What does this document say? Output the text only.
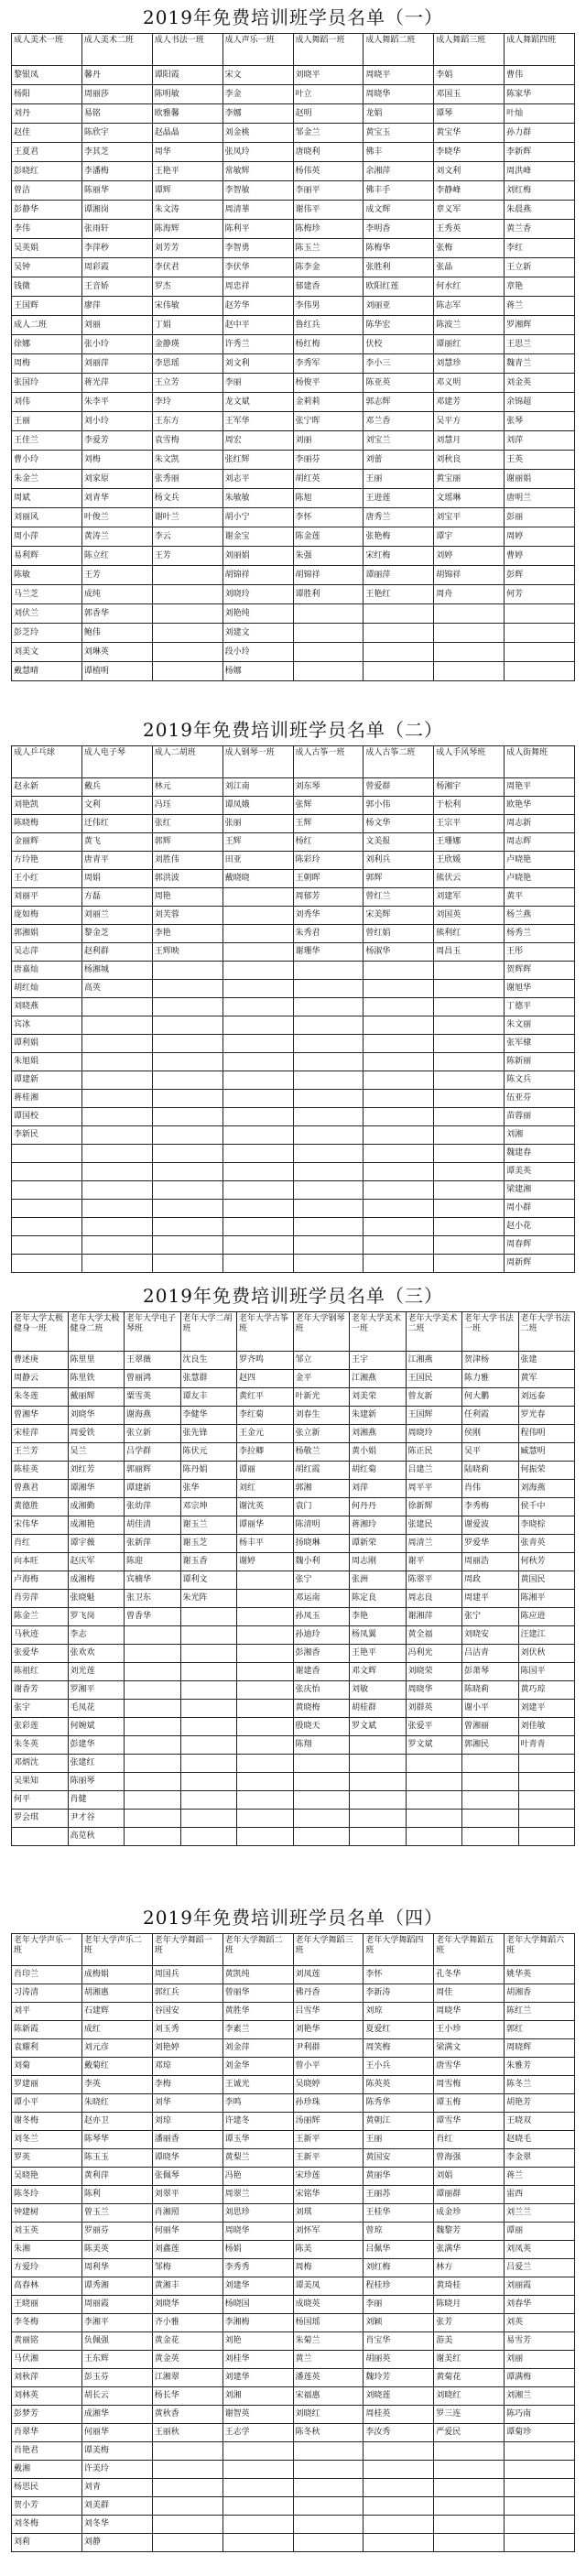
2019年免费培训班学员名单（一）
成人美术一班	成人美术二班	成人书法一班	成人声乐一班	成人舞蹈一班	成人舞蹈二班	成人舞蹈三班	成人舞蹈四班
黎银凤	馨丹	谭阳霞	宋文	刘晓平	周晓平	李娟	曹伟
杨阳	周丽莎	陈明敏	李金	叶立	周晓华	邓国玉	陈家华
刘丹	易铭	欧雅馨	李娜	赵明	龙娟	谭琴	叶灿
赵佳	陈欣宇	赵晶晶	刘金桃	邹金兰	黄宝玉	黄宝华	孙力群
王夏君	李其芝	周华	张凤玲	唐晓利	佛丰	李晓华	李新辉
彭晓红	李潘梅	王艳平	常敏辉	杨伟英	余湘萍	刘文利	周洪峰
曾洁	陈丽华	谭辉	李智敏	李丽平	佛丰手	李静峰	刘红梅
彭静华	谭湘岗	朱文涛	周清華	谢伟平	成文辉	章义军	朱晨燕
李伟	张雨轩	陈海辉	陈利平	陈梅珍	李明香	王秀英	黄兰香
吴英娟	李萍秒	刘芳芳	李智勇	陈玉兰	陈梅华	张梅	李红
吴钟	周彩霞	李伏君	李伏华	陈李金	张胜利	张晶	王立新
钱微	王音娇	罗杰	周忠祥	郁建香	欧阳红莲	何水红	章艳
王国辉	廖萍	宋伟敏	赵芳华	李伟男	刘丽亚	陈志军	蒋兰
成人二班	刘丽	丁娟	赵中平	鲁红兵	陈华宏	陈波兰	罗湘辉
徐娜	张小玲	金静瑛	许秀兰	杨红梅	伏校	谭丽红	王思兰
周梅	刘丽萍	李思瑶	刘文利	李秀军	李小三	刘慧珍	魏青兰
张国玲	蒋光萍	王立芳	李丽	杨俊平	陈亚英	邓义明	刘金英
刘伟	朱李平	李玲	龙文斌	金莉莉	郭志辉	邓建芳	余锦超
王丽	刘小玲	王东方	王军华	张宁晖	邓兰香	吴平方	张琴
王佳兰	李爱芳	袁雪梅	周宏	刘丽	刘宝兰	刘慧月	刘萍
曹小玲	刘梅	朱文凯	张红辉	李丽芬	刘蕾	刘秋良	王英
朱金兰	刘家原	张秀丽	刘志平	胡红英	王丽	黄宝丽	谢丽娟
周斌	刘青华	杨文兵	朱敏敏	陈旭	王进莲	文瑶琳	唐明兰
刘丽风	叶俊兰	谢叶兰	胡小宁	李怀	唐秀兰	刘宝平	彭丽
周小萍	黄涛兰	李云	谢金宝	陈金莲	张艳梅	谭宇	周婷
易利辉	陈立红	王芳	刘丽娟	朱强	宋红梅	刘婷	曹婷
陈敏	王芳		胡锦祥	胡锦祥	谭丽萍	胡锦祥	彭辉
马兰芝	成纯		刘晓玲	谭胜利	王艳红	周舟	何芳
刘伏兰	郭香华		刘艳纯				
彭芝玲	鲍伟		刘建文				
刘美文	刘琳英		段小玲				
戴慧晴	谭植明		杨娜				
2019年免费培训班学员名单（二）
成人乒乓球	成人电子琴	成人二胡班	成人钢琴一班	成人古筝一班	成人古筝二班	成人手风琴班	成人街舞班
赵永新	戴兵	林元	刘江南	刘东琴	曾爱群	杨湘宇	周艳平
刘艳凯	文利	冯珏	谭凤娥	张辉	郭小伟	于松利	欧艳华
陈晓梅	迁伟红	张红	张丽	王辉	杨文华	王宗平	周志新
金丽辉	黄飞	郭辉	王辉	杨红	文美报	王珊娜	周志辉
方玲艳	唐青平	刘胜伟	田亚	陈彩玲	刘利兵	王欣媛	卢晓艳
王小红	周娟	郭洪波	戴晓晓	王朝晖	郭辉	熊伏云	卢晓艳
刘丽平	方磊	周艳		周郁芳	曾红兰	刘建军	黄平
庞如梅	刘丽兰	刘芙蓉		刘秀华	宋美辉	刘国英	杨兰燕
郭湘娟	黎金芝	李艳		朱秀君	曾红娟	熊利红	杨秀兰
吴志萍	赵利群	王辉映		谢珊华	杨淑华	周昌玉	王彤
唐嘉灿	杨湘城						贺辉辉
胡红灿	高英						谢旭华
刘晓燕							丁德平
宾冰							朱文丽
谭利娟							张军棣
朱旭娟							陈新丽
谭建新							陈文兵
蒋桂湘							伍亚芬
谭国校							苗蓉丽
李新民							刘湘
							魏建春
							谭美英
							梁建湘
							周小群
							赵小花
							周春辉
							周新辉
2019年免费培训班学员名单（三）
老年大学太极健身一班	老年大学太极健身二班	老年大学电子琴班	老年大学二胡班	老年大学古筝班	老年大学钢琴班	老年大学美术一班	老年大学美术二班	老年大学书法一班	老年大学书法二班
曹述庚	陈里里	王翠薇	沈良生	罗齐鸣	邹立	王宇	江湘燕	贺津杨	张建
周静云	陈里铁	曾丽鸿	张慧群	赵四	金平	江湘燕	王国民	陈力雅	黄军
朱冬莲	戴丽辉	粟雪英	谭友丰	黄红平	叶新光	刘美荣	曾友新	何大鹏	刘远泰
曾湘华	刘晓华	谢海燕	李健华	李红菊	刘春生	朱建新	王国辉	任利霞	罗光春
宋桂萍	周爱铁	张立新	张先锋	王金元	张立新	刘湘燕	周晓玲	侯刚	程伟明
王兰芳	吴兰	吕学群	陈伏元	李拉卿	杨敬兰	黄小娟	陈正民	吴平	臧慧明
陈桂英	刘红芳	郭丽辉	陈丹娟	谭丽	胡红霞	胡红菊	吕建兰	陆晓莉	何振荣
曾燕君	谭湘华	谭建新	张华	刘红	郭湘	刘萍	周平平	肖伟	刘海燕
黄德胜	成湘勤	张幼萍	邓宗坤	谢沈英	袁门	何丹丹	徐新辉	李秀梅	侯千中
宋伟华	成湘艳	胡佳清	谢玉兰	谭丽华	陈清明	蒋湘玲	张建民	谢爱波	李晓棕
肖红	谭宇薇	张新萍	谢玉芝	杨丰平	扬晓琳	谭新荣	周清兰	罗爱华	张青英
向本旺	赵庆军	陈迎	谢玉香	谢婷	魏小利	周志刚	谢平	周丽浩	何秋芳
卢海梅	成湘梅	宾楠华	谭利文		张宁	张洲	陈翠平	周政	黄国民
肖劳萍	张晓魁	张卫东	朱光阵		邓运南	陈定良	周志良	周建平	陈湘平
陈金兰	罗飞岗	曾香华			孙凤玉	李艳	谢湘萍	张宁	陈应进
马秋迹	李志				孙迪玲	杨凤翼	黄全福	刘晓安	汪建江
张爱华	张欢欢				彭湘香	王艳平	冯利光	吕洁青	刘伏秋
陈祖红	刘光莲				谢建香	邓文辉	刘晓荣	彭萧琴	陈国平
谢香芳	罗湘平				张庆怡	刘敏	周晓华	陈晓莉	黄巧琼
张宇	毛凤花				黄晓梅	胡桂群	刘群英	谢小平	刘建平
张彩莲	何婉斌				殷晓天	罗文斌	张爱平	曾湘丽	刘佳敏
朱冬英	彭建华				陈翔		罗文斌	郭湘民	叶青青
邓炳沈	张建红								
吴果知	陈丽琴								
何平	肖健								
罗会琪	尹才谷								
	高苋秋								
2019年免费培训班学员名单（四）
老年大学声乐一班	老年大学声乐二班	老年大学舞蹈一班	老年大学舞蹈二班	老年大学舞蹈三班	老年大学舞蹈四班	老年大学舞蹈五班	老年大学舞蹈六班
肖印兰	成梅娟	周国兵	黄凯纯	刘凤莲	李怀	孔冬华	姚华英
习涛清	胡湘惠	郭红兵	曾丽华	佛丹香	李新涛	周佳	胡湘香
刘平	石建辉	谷国安	黄胜华	吕雪华	刘琼	周晓华	陈红兰
陈新霞	成红	刘玉秀	李素兰	刘艳华	夏爱红	王小珍	郭红
袁耀利	刘元彦	刘艳婷	刘金萍	尹利群	周笑梅	梁满文	周晓辉
刘菊	戴菊红	邓琼	刘金华	曾小平	王小兵	唐雪华	朱雅芳
罗建丽	李英	李梅	王诚光	吴晓婷	陈英英	周雪梅	陈冬兰
谭小平	朱晓红	刘华	李鸣	孙珍珠	陈秀华	谭玉梅	胡艳芳
谢冬梅	赵亦卫	刘琼	许建冬	汤丽辉	黄朝江	谭雪华	王晓双
刘冬兰	陈琴华	潘丽香	谭玉华	王新平	王丽	肖红	赵晓毛
罗英	陈玉玉	谭晓华	黄梨兰	王新平	黄国安	曾海强	李金翠
吴晓艳	黄利萍	张佩琴	冯艳	宋珍莲	黄丽华	刘娟	蒋兰
陈冬玲	陈利	刘翠平	周翠兰	宋铭华	王丽苏	谭丽群	雷西
钟建树	曾玉兰	肖湘照	刘思珍	刘琪	王桂华	成金珍	刘兰兰
刘玉英	罗丽芬	何丽华	周晓华	刘怀军	曾琼	魏黎芳	谭丽
朱湘	陈美英	刘鑫莲	杨娟	陈美	吕佩华	张满华	刘凤英
方爱玲	周利华	邹梅	李秀秀	周梅	刘红梅	林方	吕爱兰
高春林	谭秀湘	黄湘丰	刘建华	谭美凤	程桂珍	黄琦桂	刘丽霞
王晓丽	周丽霞	刘晓华	杨晓国	成晓英	李丽	陈晓月	刘春华
李冬梅	李湘平	齐小雅	李湘梅	杨国瑶	刘颖	张芳	刘英
黄丽铭	负佩强	黄金花	刘艳	朱菊兰	肖宝华	游美	易雪芳
马伏湘	王东辉	黄金英	刘桂华	黄兰	胡丽英	谢美红	刘丽
刘秋萍	彭玉芬	江湘翠	刘建华	潘莲英	魏玲芳	黄菊花	谭满梅
刘林英	胡长云	杨长华	刘湘	宋福惠	刘晓莲	刘晓红	刘湘兰
彭梦芳	成湘华	黄秋香	谢智英	刘晓红	周桂英	罗三连	陈巧南
肖翠华	何丽华	王丽秋	王志学	陈冬秋	李汝秀	严爱民	谭菊珍
肖艳君	谭美梅						
戴湘	许美玲						
杨思民	刘青						
贺小芳	刘美群						
刘冬梅	刘冬华						
刘莉	刘静						
